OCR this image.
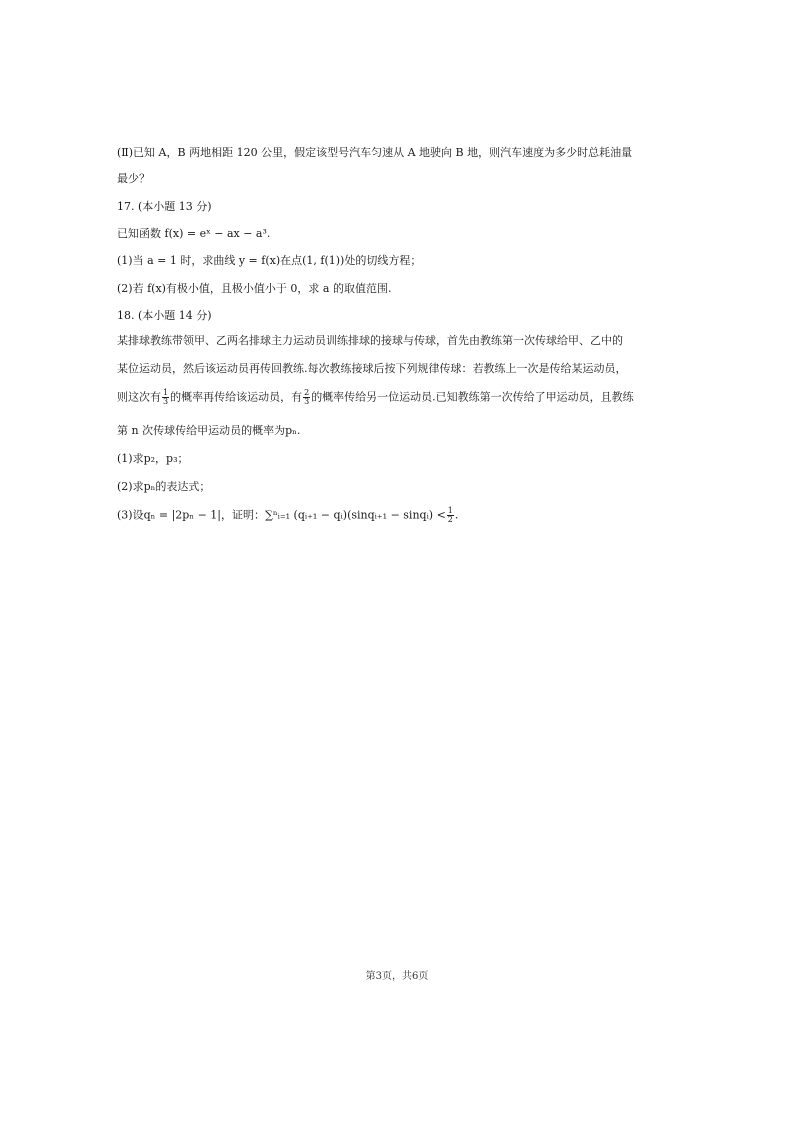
(Ⅱ)已知 A，B 两地相距 120 公里，假定该型号汽车匀速从 A 地驶向 B 地，则汽车速度为多少时总耗油量
最少？
17. (本小题 13 分)
已知函数 f(x) = eˣ − ax − a³.
(1)当 a = 1 时，求曲线 y = f(x)在点(1, f(1))处的切线方程；
(2)若 f(x)有极小值，且极小值小于 0，求 a 的取值范围.
18. (本小题 14 分)
某排球教练带领甲、乙两名排球主力运动员训练排球的接球与传球，首先由教练第一次传球给甲、乙中的
某位运动员，然后该运动员再传回教练.每次教练接球后按下列规律传球：若教练上一次是传给某运动员，
则这次有 $\frac{1}{3}$ 的概率再传给该运动员，有 $\frac{2}{3}$ 的概率传给另一位运动员.已知教练第一次传给了甲运动员，且教练
第 n 次传球传给甲运动员的概率为pₙ.
(1)求p₂，p₃；
(2)求pₙ的表达式；
(3)设qₙ = |2pₙ − 1|，证明：∑ⁿᵢ₌₁ (qᵢ₊₁ − qᵢ)(sinqᵢ₊₁ − sinqᵢ) < $\frac{1}{2}$ .
第3页，共6页
